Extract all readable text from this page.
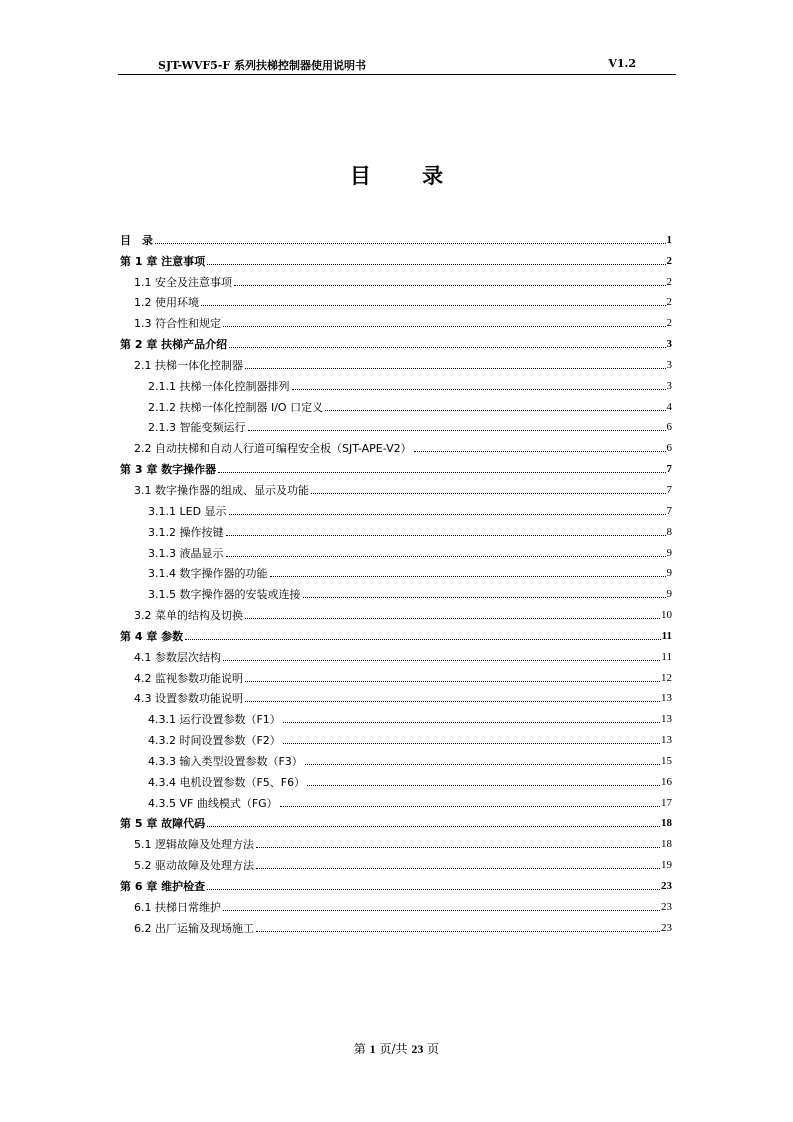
SJT-WVF5-F 系列扶梯控制器使用说明书	V1.2
目 录
目　录	1
第 1 章 注意事项	2
1.1 安全及注意事项	2
1.2 使用环境	2
1.3 符合性和规定	2
第 2 章 扶梯产品介绍	3
2.1 扶梯一体化控制器	3
2.1.1 扶梯一体化控制器排列	3
2.1.2 扶梯一体化控制器 I/O 口定义	4
2.1.3 智能变频运行	6
2.2 自动扶梯和自动人行道可编程安全板（SJT-APE-V2）	6
第 3 章 数字操作器	7
3.1 数字操作器的组成、显示及功能	7
3.1.1 LED 显示	7
3.1.2 操作按键	8
3.1.3 液晶显示	9
3.1.4 数字操作器的功能	9
3.1.5 数字操作器的安装或连接	9
3.2 菜单的结构及切换	10
第 4 章 参数	11
4.1 参数层次结构	11
4.2 监视参数功能说明	12
4.3 设置参数功能说明	13
4.3.1 运行设置参数（F1）	13
4.3.2 时间设置参数（F2）	13
4.3.3 输入类型设置参数（F3）	15
4.3.4 电机设置参数（F5、F6）	16
4.3.5 VF 曲线模式（FG）	17
第 5 章 故障代码	18
5.1 逻辑故障及处理方法	18
5.2 驱动故障及处理方法	19
第 6 章 维护检查	23
6.1 扶梯日常维护	23
6.2 出厂运输及现场施工	23
第 1 页/共 23 页
